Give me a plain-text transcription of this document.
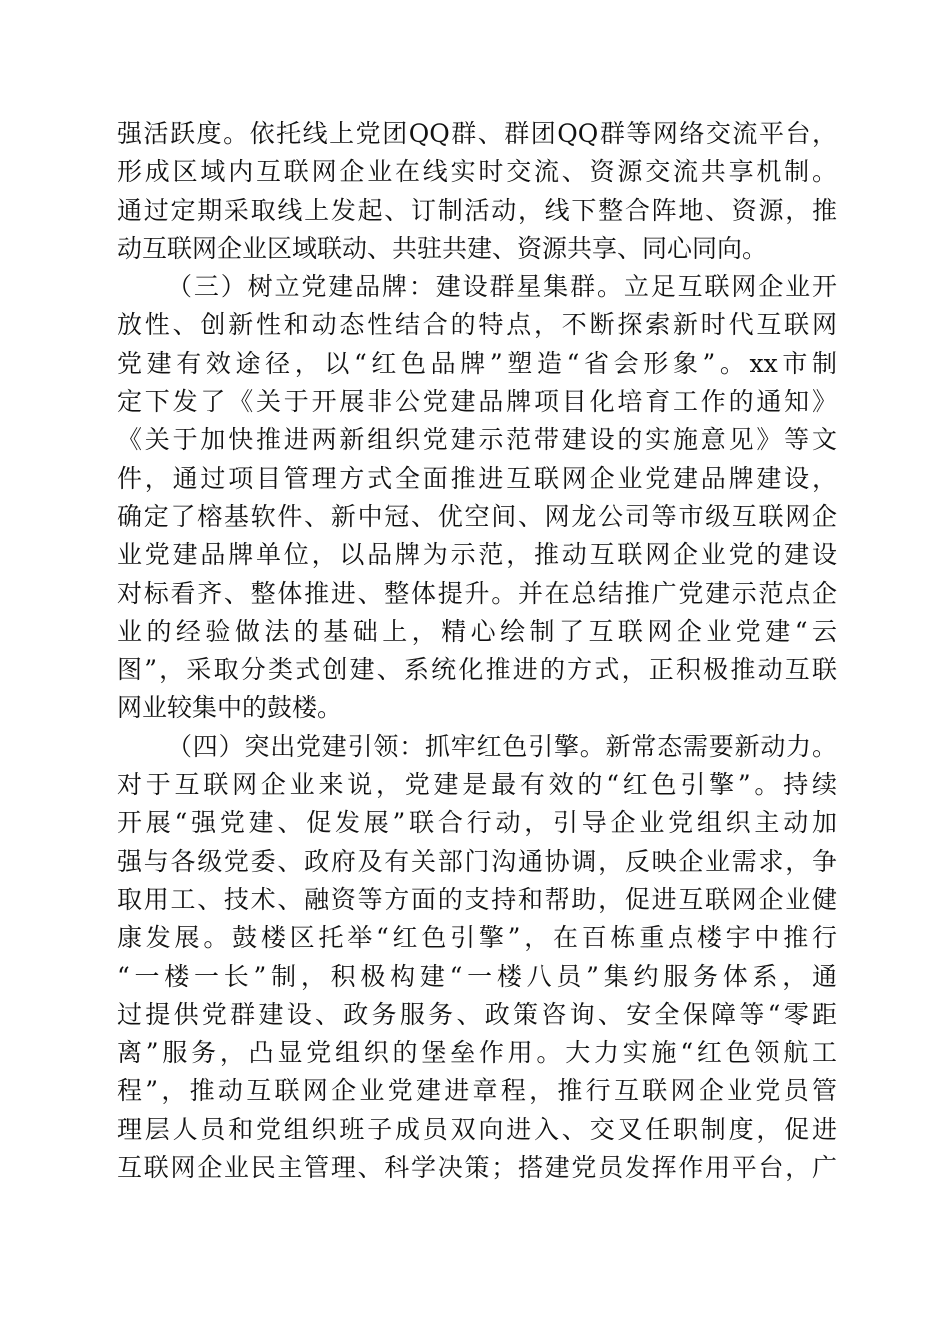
强活跃度。依托线上党团QQ群、群团QQ群等网络交流平台，
形成区域内互联网企业在线实时交流、资源交流共享机制。
通过定期采取线上发起、订制活动，线下整合阵地、资源，推
动互联网企业区域联动、共驻共建、资源共享、同心同向。
（三）树立党建品牌：建设群星集群。立足互联网企业开
放性、创新性和动态性结合的特点，不断探索新时代互联网
党建有效途径，以“红色品牌”塑造“省会形象”。xx市制
定下发了《关于开展非公党建品牌项目化培育工作的通知》
《关于加快推进两新组织党建示范带建设的实施意见》等文
件，通过项目管理方式全面推进互联网企业党建品牌建设，
确定了榕基软件、新中冠、优空间、网龙公司等市级互联网企
业党建品牌单位，以品牌为示范，推动互联网企业党的建设
对标看齐、整体推进、整体提升。并在总结推广党建示范点企
业的经验做法的基础上，精心绘制了互联网企业党建“云
图”，采取分类式创建、系统化推进的方式，正积极推动互联
网业较集中的鼓楼。
（四）突出党建引领：抓牢红色引擎。新常态需要新动力。
对于互联网企业来说，党建是最有效的“红色引擎”。持续
开展“强党建、促发展”联合行动，引导企业党组织主动加
强与各级党委、政府及有关部门沟通协调，反映企业需求，争
取用工、技术、融资等方面的支持和帮助，促进互联网企业健
康发展。鼓楼区托举“红色引擎”，在百栋重点楼宇中推行
“一楼一长”制，积极构建“一楼八员”集约服务体系，通
过提供党群建设、政务服务、政策咨询、安全保障等“零距
离”服务，凸显党组织的堡垒作用。大力实施“红色领航工
程”，推动互联网企业党建进章程，推行互联网企业党员管
理层人员和党组织班子成员双向进入、交叉任职制度，促进
互联网企业民主管理、科学决策；搭建党员发挥作用平台，广
